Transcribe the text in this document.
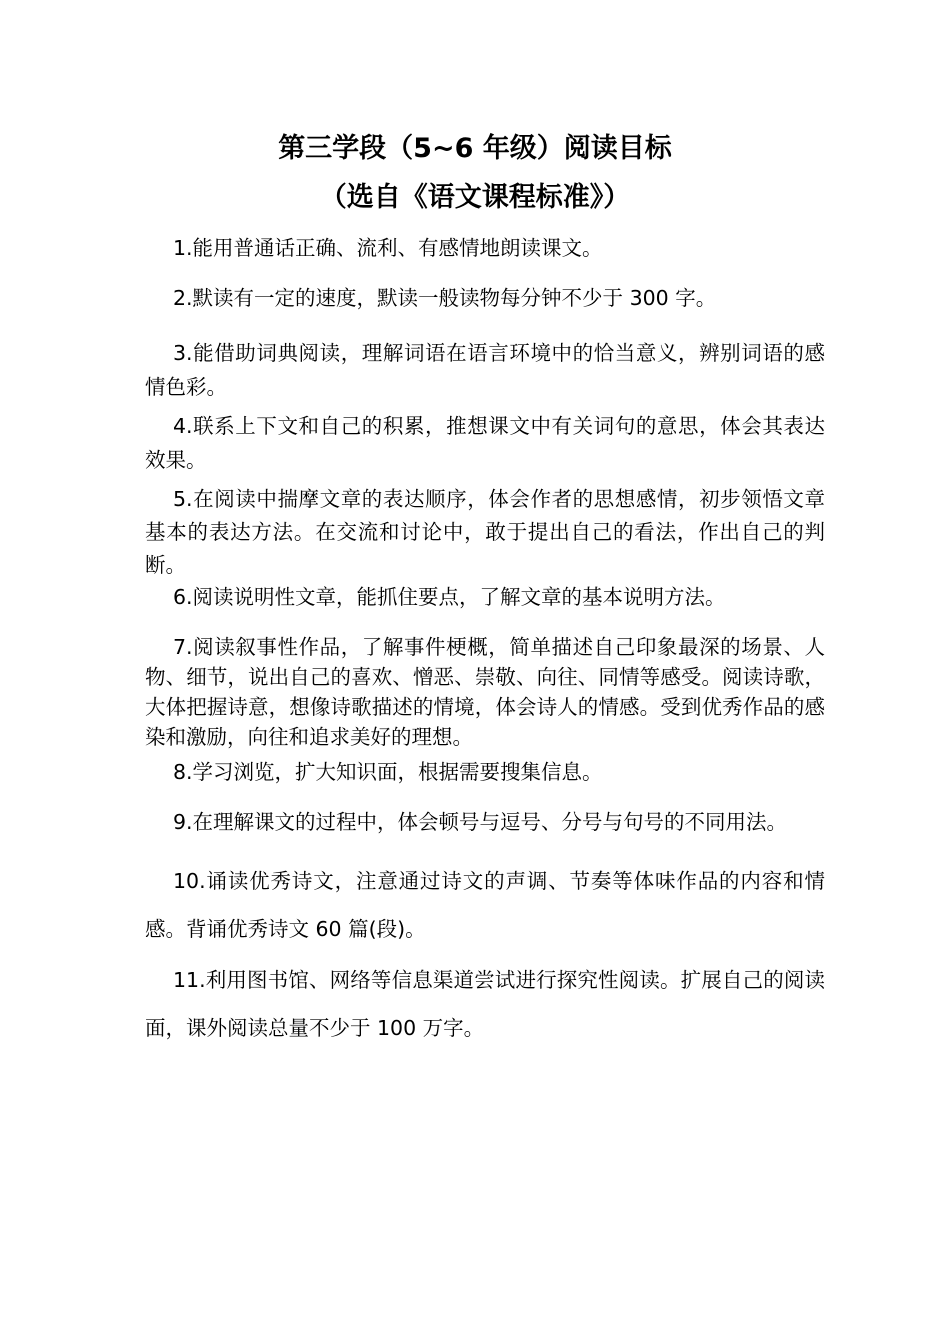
第三学段（5~6 年级）阅读目标
（选自《语文课程标准》）

1.能用普通话正确、流利、有感情地朗读课文。

2.默读有一定的速度，默读一般读物每分钟不少于 300 字。

3.能借助词典阅读，理解词语在语言环境中的恰当意义，辨别词语的感情色彩。

4.联系上下文和自己的积累，推想课文中有关词句的意思，体会其表达效果。

5.在阅读中揣摩文章的表达顺序，体会作者的思想感情，初步领悟文章基本的表达方法。在交流和讨论中，敢于提出自己的看法，作出自己的判断。

6.阅读说明性文章，能抓住要点，了解文章的基本说明方法。

7.阅读叙事性作品，了解事件梗概，简单描述自己印象最深的场景、人物、细节，说出自己的喜欢、憎恶、崇敬、向往、同情等感受。阅读诗歌，大体把握诗意，想像诗歌描述的情境，体会诗人的情感。受到优秀作品的感染和激励，向往和追求美好的理想。

8.学习浏览，扩大知识面，根据需要搜集信息。

9.在理解课文的过程中，体会顿号与逗号、分号与句号的不同用法。

10.诵读优秀诗文，注意通过诗文的声调、节奏等体味作品的内容和情感。背诵优秀诗文 60 篇(段)。

11.利用图书馆、网络等信息渠道尝试进行探究性阅读。扩展自己的阅读面，课外阅读总量不少于 100 万字。
